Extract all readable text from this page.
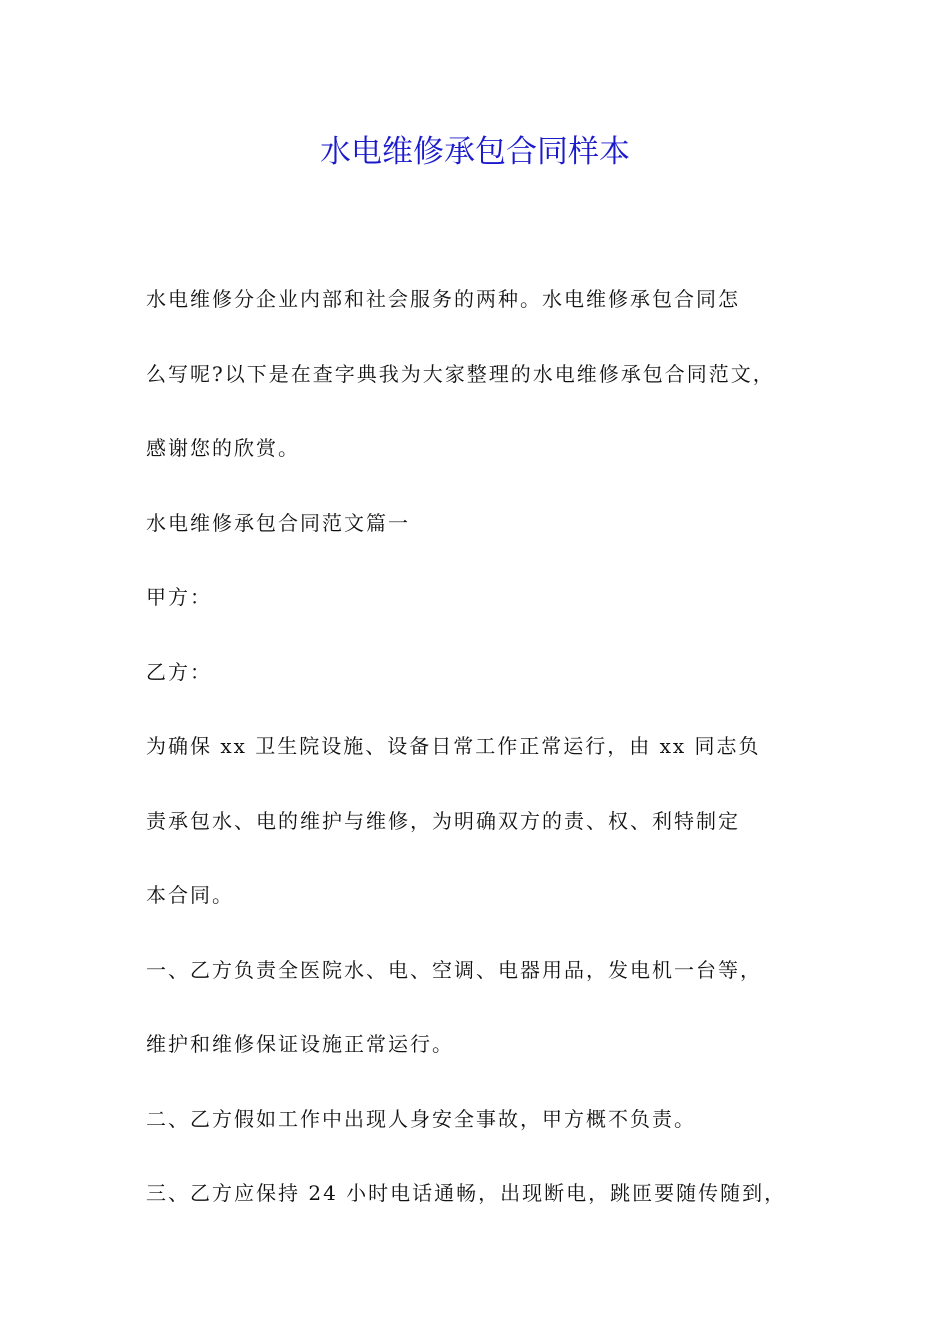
水电维修承包合同样本
水电维修分企业内部和社会服务的两种。水电维修承包合同怎
么写呢?以下是在查字典我为大家整理的水电维修承包合同范文，
感谢您的欣赏。
水电维修承包合同范文篇一
甲方：
乙方：
为确保 xx 卫生院设施、设备日常工作正常运行，由 xx 同志负
责承包水、电的维护与维修，为明确双方的责、权、利特制定
本合同。
一、乙方负责全医院水、电、空调、电器用品，发电机一台等，
维护和维修保证设施正常运行。
二、乙方假如工作中出现人身安全事故，甲方概不负责。
三、乙方应保持 24 小时电话通畅，出现断电，跳匝要随传随到，
